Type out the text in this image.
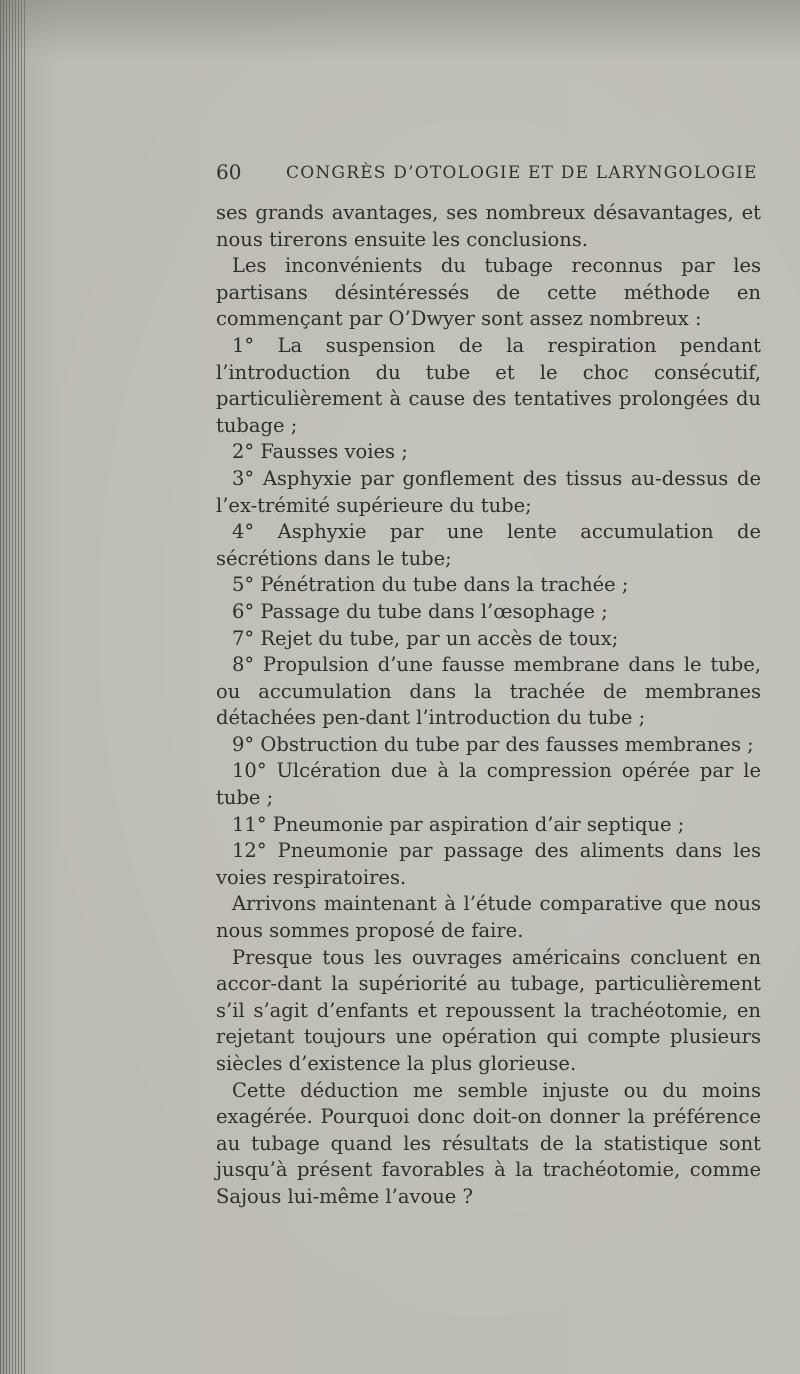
60	CONGRÈS D’OTOLOGIE ET DE LARYNGOLOGIE

ses grands avantages, ses nombreux désavantages, et nous tirerons ensuite les conclusions.

Les inconvénients du tubage reconnus par les partisans désintéressés de cette méthode en commençant par O’Dwyer sont assez nombreux :

1° La suspension de la respiration pendant l’introduction du tube et le choc consécutif, particulièrement à cause des tentatives prolongées du tubage ;

2° Fausses voies ;

3° Asphyxie par gonflement des tissus au-dessus de l’ex-trémité supérieure du tube;

4° Asphyxie par une lente accumulation de sécrétions dans le tube;

5° Pénétration du tube dans la trachée ;

6° Passage du tube dans l’œsophage ;

7° Rejet du tube, par un accès de toux;

8° Propulsion d’une fausse membrane dans le tube, ou accumulation dans la trachée de membranes détachées pen-dant l’introduction du tube ;

9° Obstruction du tube par des fausses membranes ;

10° Ulcération due à la compression opérée par le tube ;

11° Pneumonie par aspiration d’air septique ;

12° Pneumonie par passage des aliments dans les voies respiratoires.

Arrivons maintenant à l’étude comparative que nous nous sommes proposé de faire.

Presque tous les ouvrages américains concluent en accor-dant la supériorité au tubage, particulièrement s’il s’agit d’enfants et repoussent la trachéotomie, en rejetant toujours une opération qui compte plusieurs siècles d’existence la plus glorieuse.

Cette déduction me semble injuste ou du moins exagérée. Pourquoi donc doit-on donner la préférence au tubage quand les résultats de la statistique sont jusqu’à présent favorables à la trachéotomie, comme Sajous lui-même l’avoue ?
